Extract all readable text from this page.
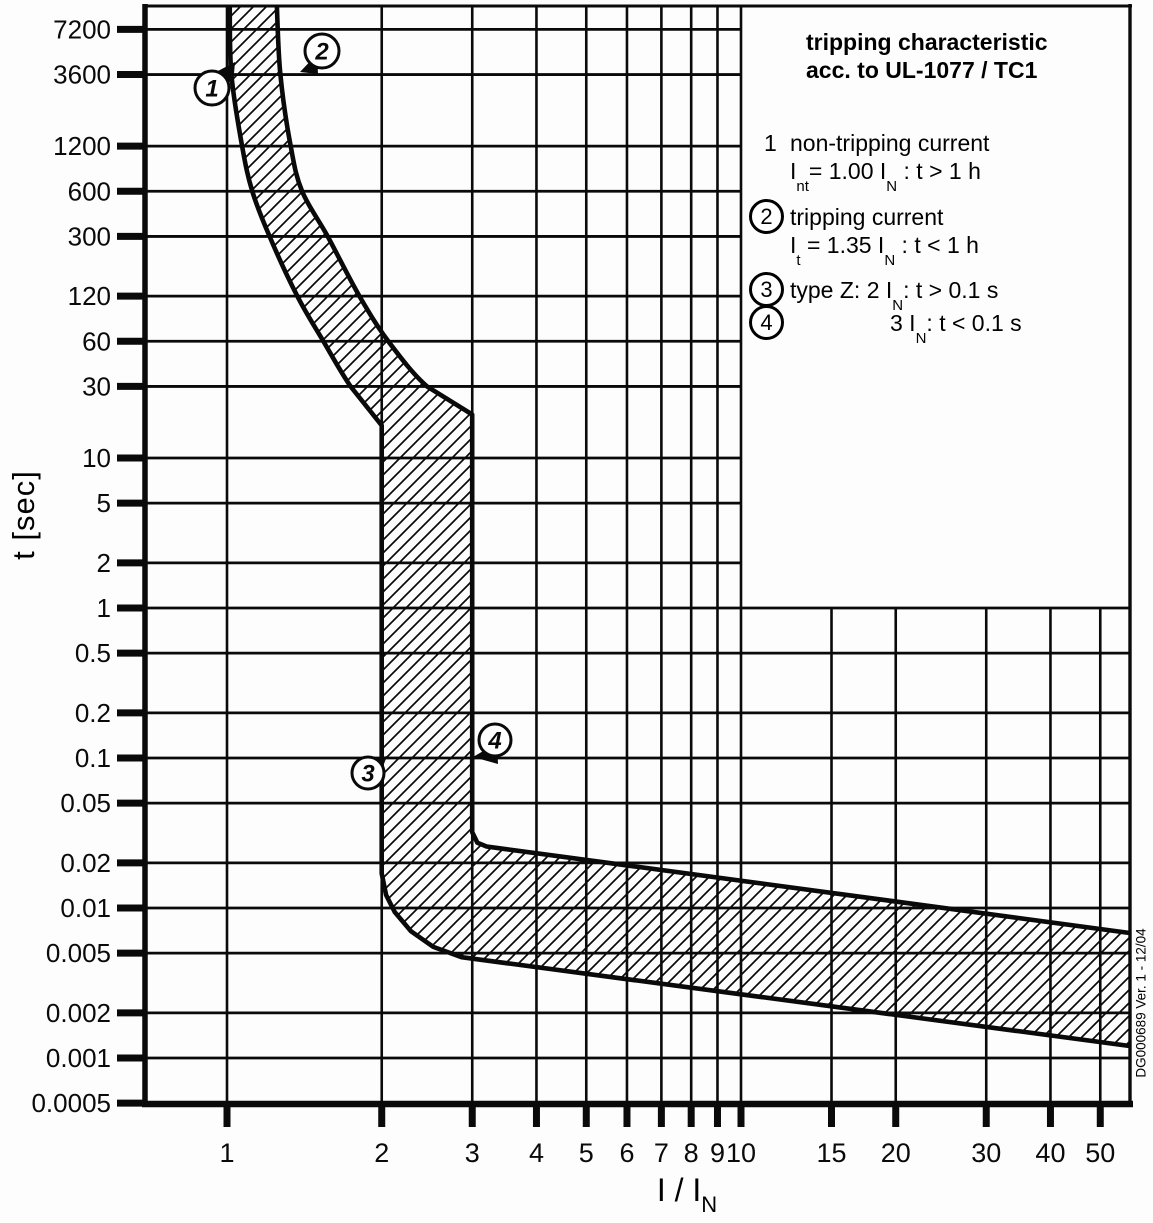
1	2	3 4 5 6 7 8 9 10 15 20 30 40 50
7200
3600
1200
600
300
120
60
30
10
5
2
1
0.5
0.2
0.1
0.05
0.02
0.01
0.005
0.002
0.001
0.0005
1
2
3
4
t [sec]
I / $I_N$
tripping characteristic
acc. to UL-1077 / TC1
1 non-tripping current
$I_{nt}= 1.00$ $I_N$ : t > 1 h
2 tripping current
$I_t = 1.35$ $I_N$ : t < 1 h
3 type Z: 2 $I_N$: t > 0.1 s
4	3 $I_N$: t < 0.1 s
DG000689 Ver. 1 - 12/04
